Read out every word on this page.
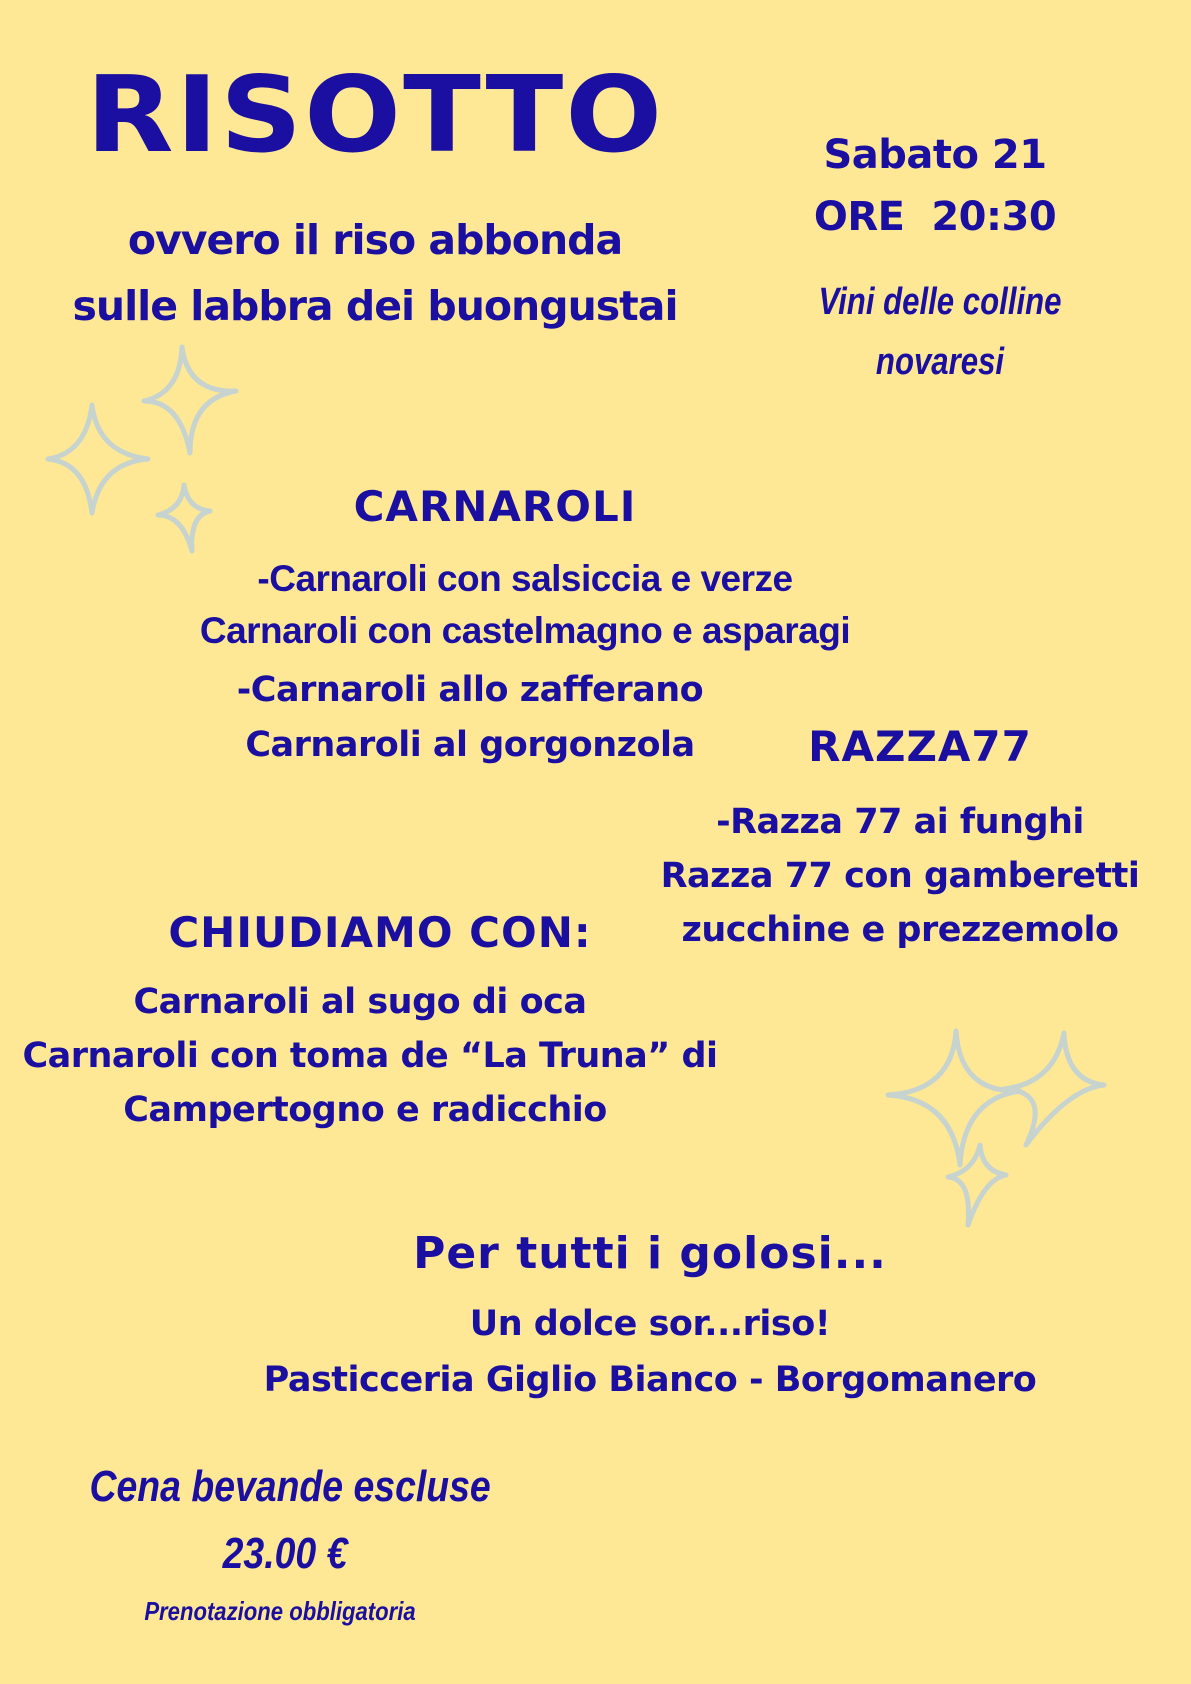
RISOTTO
ovvero il riso abbonda
sulle labbra dei buongustai
Sabato 21
ORE  20:30
Vini delle colline
novaresi
CARNAROLI
-Carnaroli con salsiccia e verze
Carnaroli con castelmagno e asparagi
-Carnaroli allo zafferano
Carnaroli al gorgonzola	RAZZA77
-Razza 77 ai funghi
Razza 77 con gamberetti
zucchine e prezzemolo
CHIUDIAMO CON:
Carnaroli al sugo di oca
Carnaroli con toma de “La Truna” di
Campertogno e radicchio
Per tutti i golosi...
Un dolce sor...riso!
Pasticceria Giglio Bianco - Borgomanero
Cena bevande escluse
23.00 €
Prenotazione obbligatoria
